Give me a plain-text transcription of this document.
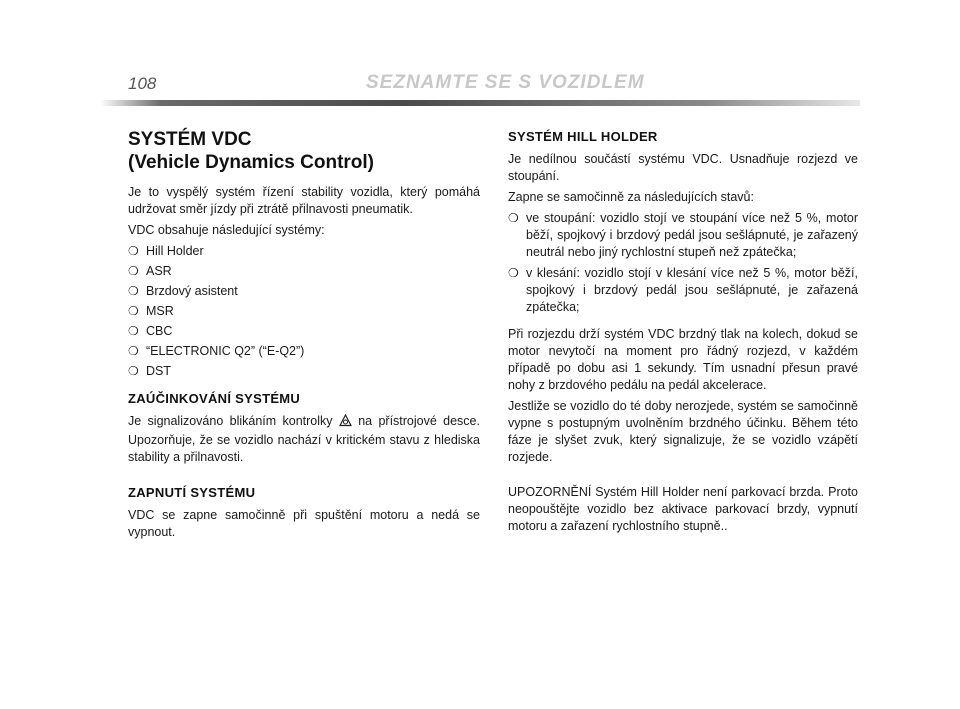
108	SEZNAMTE SE S VOZIDLEM
SYSTÉM VDC
(Vehicle Dynamics Control)

Je to vyspělý systém řízení stability vozidla, který pomáhá udržovat směr jízdy při ztrátě přilnavosti pneumatik.

VDC obsahuje následující systémy:

❍ Hill Holder
❍ ASR
❍ Brzdový asistent
❍ MSR
❍ CBC
❍ “ELECTRONIC Q2” (“E-Q2”)
❍ DST
ZAÚČINKOVÁNÍ SYSTÉMU

Je signalizováno blikáním kontrolky na přístrojové desce. Upozorňuje, že se vozidlo nachází v kritickém stavu z hlediska stability a přilnavosti.

ZAPNUTÍ SYSTÉMU

VDC se zapne samočinně při spuštění motoru a nedá se vypnout.

SYSTÉM HILL HOLDER

Je nedílnou součástí systému VDC. Usnadňuje rozjezd ve stoupání.

Zapne se samočinně za následujících stavů:

❍ ve stoupání: vozidlo stojí ve stoupání více než 5 %, motor běží, spojkový i brzdový pedál jsou sešlápnuté, je zařazený neutrál nebo jiný rychlostní stupeň než zpátečka;
❍ v klesání: vozidlo stojí v klesání více než 5 %, motor běží, spojkový i brzdový pedál jsou sešlápnuté, je zařazená zpátečka;

Při rozjezdu drží systém VDC brzdný tlak na kolech, dokud se motor nevytočí na moment pro řádný rozjezd, v každém případě po dobu asi 1 sekundy. Tím usnadní přesun pravé nohy z brzdového pedálu na pedál akcelerace.

Jestliže se vozidlo do té doby nerozjede, systém se samočinně vypne s postupným uvolněním brzdného účinku. Během této fáze je slyšet zvuk, který signalizuje, že se vozidlo vzápětí rozjede.

UPOZORNĚNÍ Systém Hill Holder není parkovací brzda. Proto neopouštějte vozidlo bez aktivace parkovací brzdy, vypnutí motoru a zařazení rychlostního stupně..
